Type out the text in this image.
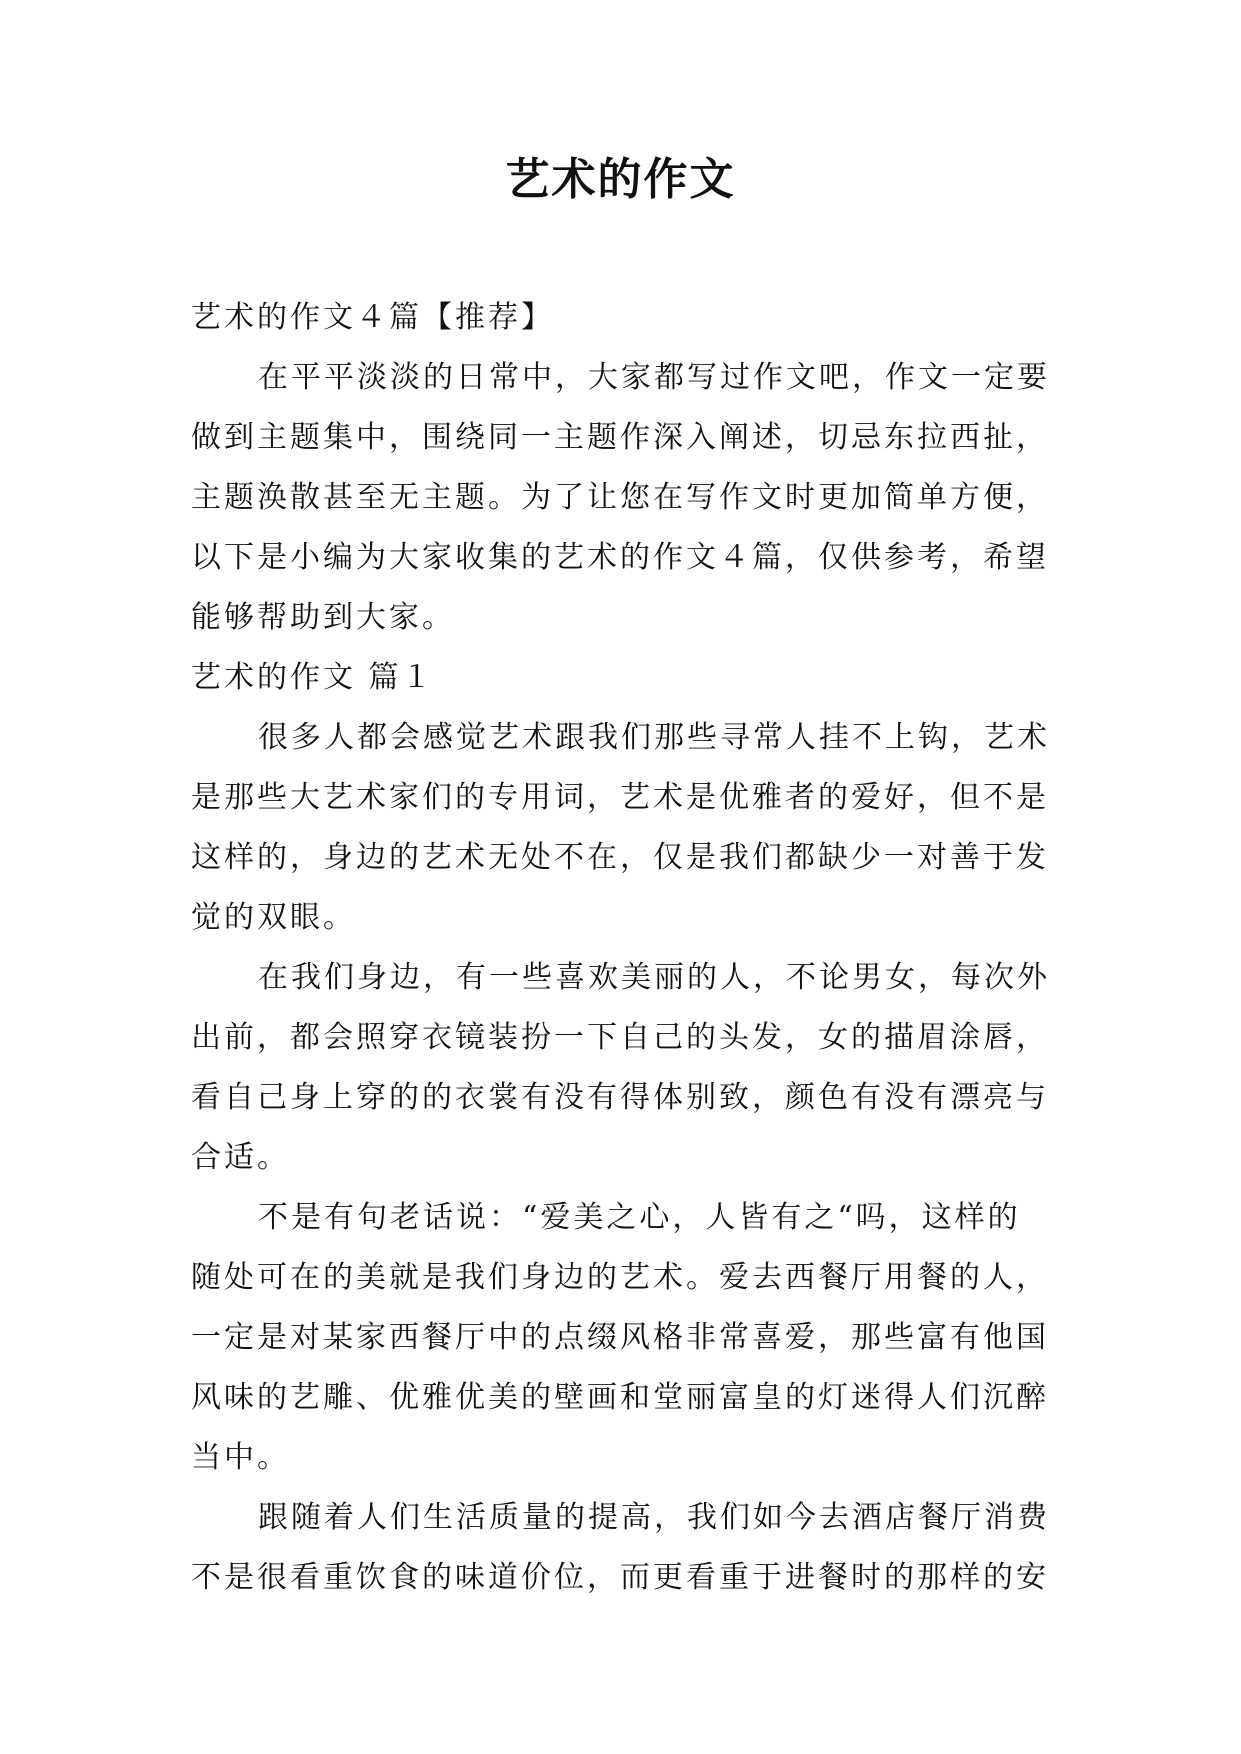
艺术的作文

艺术的作文４篇【推荐】

在平平淡淡的日常中，大家都写过作文吧，作文一定要

做到主题集中，围绕同一主题作深入阐述，切忌东拉西扯，

主题涣散甚至无主题。为了让您在写作文时更加简单方便，

以下是小编为大家收集的艺术的作文４篇，仅供参考，希望

能够帮助到大家。

艺术的作文 篇１

很多人都会感觉艺术跟我们那些寻常人挂不上钩，艺术

是那些大艺术家们的专用词，艺术是优雅者的爱好，但不是

这样的，身边的艺术无处不在，仅是我们都缺少一对善于发

觉的双眼。

在我们身边，有一些喜欢美丽的人，不论男女，每次外

出前，都会照穿衣镜装扮一下自己的头发，女的描眉涂唇，

看自己身上穿的的衣裳有没有得体别致，颜色有没有漂亮与

合适。

不是有句老话说：“爱美之心，人皆有之“吗，这样的

随处可在的美就是我们身边的艺术。爱去西餐厅用餐的人，

一定是对某家西餐厅中的点缀风格非常喜爱，那些富有他国

风味的艺雕、优雅优美的壁画和堂丽富皇的灯迷得人们沉醉

当中。

跟随着人们生活质量的提高，我们如今去酒店餐厅消费

不是很看重饮食的味道价位，而更看重于进餐时的那样的安
